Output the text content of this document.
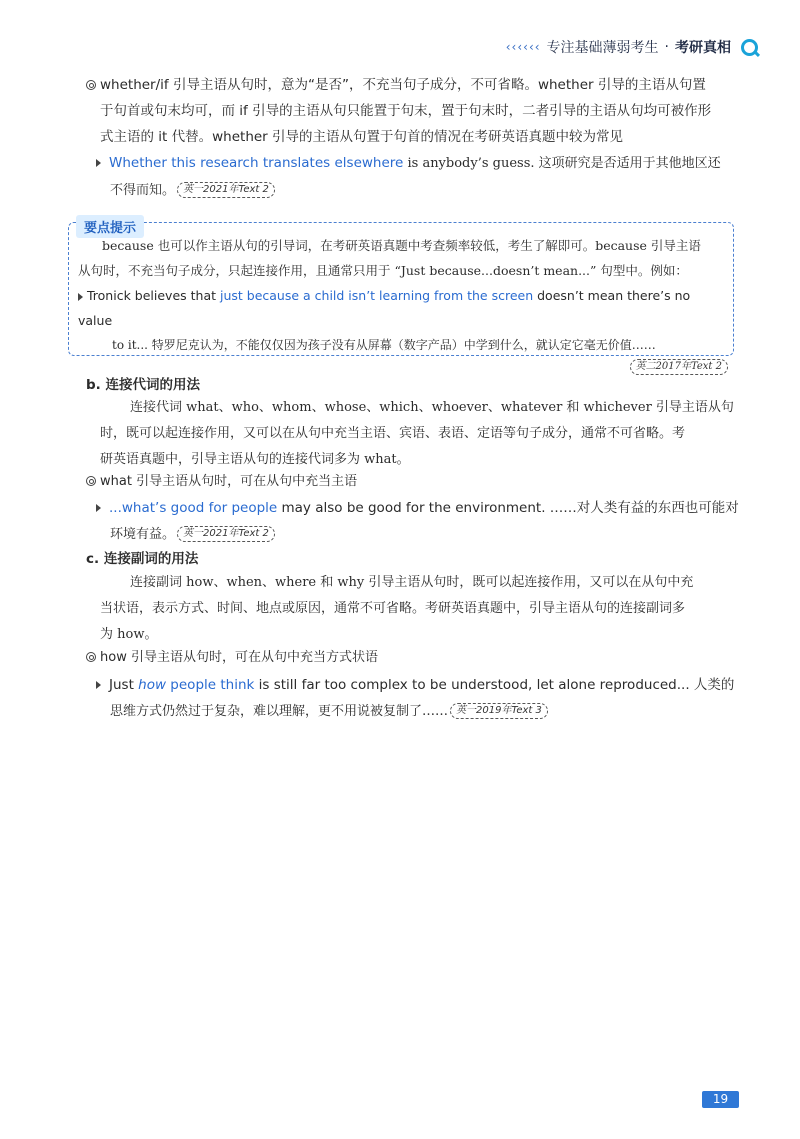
‹‹‹‹‹‹ 专注基础薄弱考生 · 考研真相
whether/if 引导主语从句时，意为“是否”，不充当句子成分，不可省略。whether 引导的主语从句置
于句首或句末均可，而 if 引导的主语从句只能置于句末，置于句末时，二者引导的主语从句均可被作形
式主语的 it 代替。whether 引导的主语从句置于句首的情况在考研英语真题中较为常见
Whether this research translates elsewhere is anybody’s guess. 这项研究是否适用于其他地区还
不得而知。 英一2021年Text 2
要点提示
because 也可以作主语从句的引导词，在考研英语真题中考查频率较低，考生了解即可。because 引导主语
从句时，不充当句子成分，只起连接作用，且通常只用于 “Just because...doesn’t mean...” 句型中。例如：
Tronick believes that just because a child isn’t learning from the screen doesn’t mean there’s no value
to it... 特罗尼克认为，不能仅仅因为孩子没有从屏幕（数字产品）中学到什么，就认定它毫无价值……
英二2017年Text 2
b. 连接代词的用法
连接代词 what、who、whom、whose、which、whoever、whatever 和 whichever 引导主语从句
时，既可以起连接作用，又可以在从句中充当主语、宾语、表语、定语等句子成分，通常不可省略。考
研英语真题中，引导主语从句的连接代词多为 what。
what 引导主语从句时，可在从句中充当主语
...what’s good for people may also be good for the environment. ……对人类有益的东西也可能对
环境有益。 英一2021年Text 2
c. 连接副词的用法
连接副词 how、when、where 和 why 引导主语从句时，既可以起连接作用，又可以在从句中充
当状语，表示方式、时间、地点或原因，通常不可省略。考研英语真题中，引导主语从句的连接副词多
为 how。
how 引导主语从句时，可在从句中充当方式状语
Just how people think is still far too complex to be understood, let alone reproduced... 人类的
思维方式仍然过于复杂，难以理解，更不用说被复制了…… 英一2019年Text 3
19
